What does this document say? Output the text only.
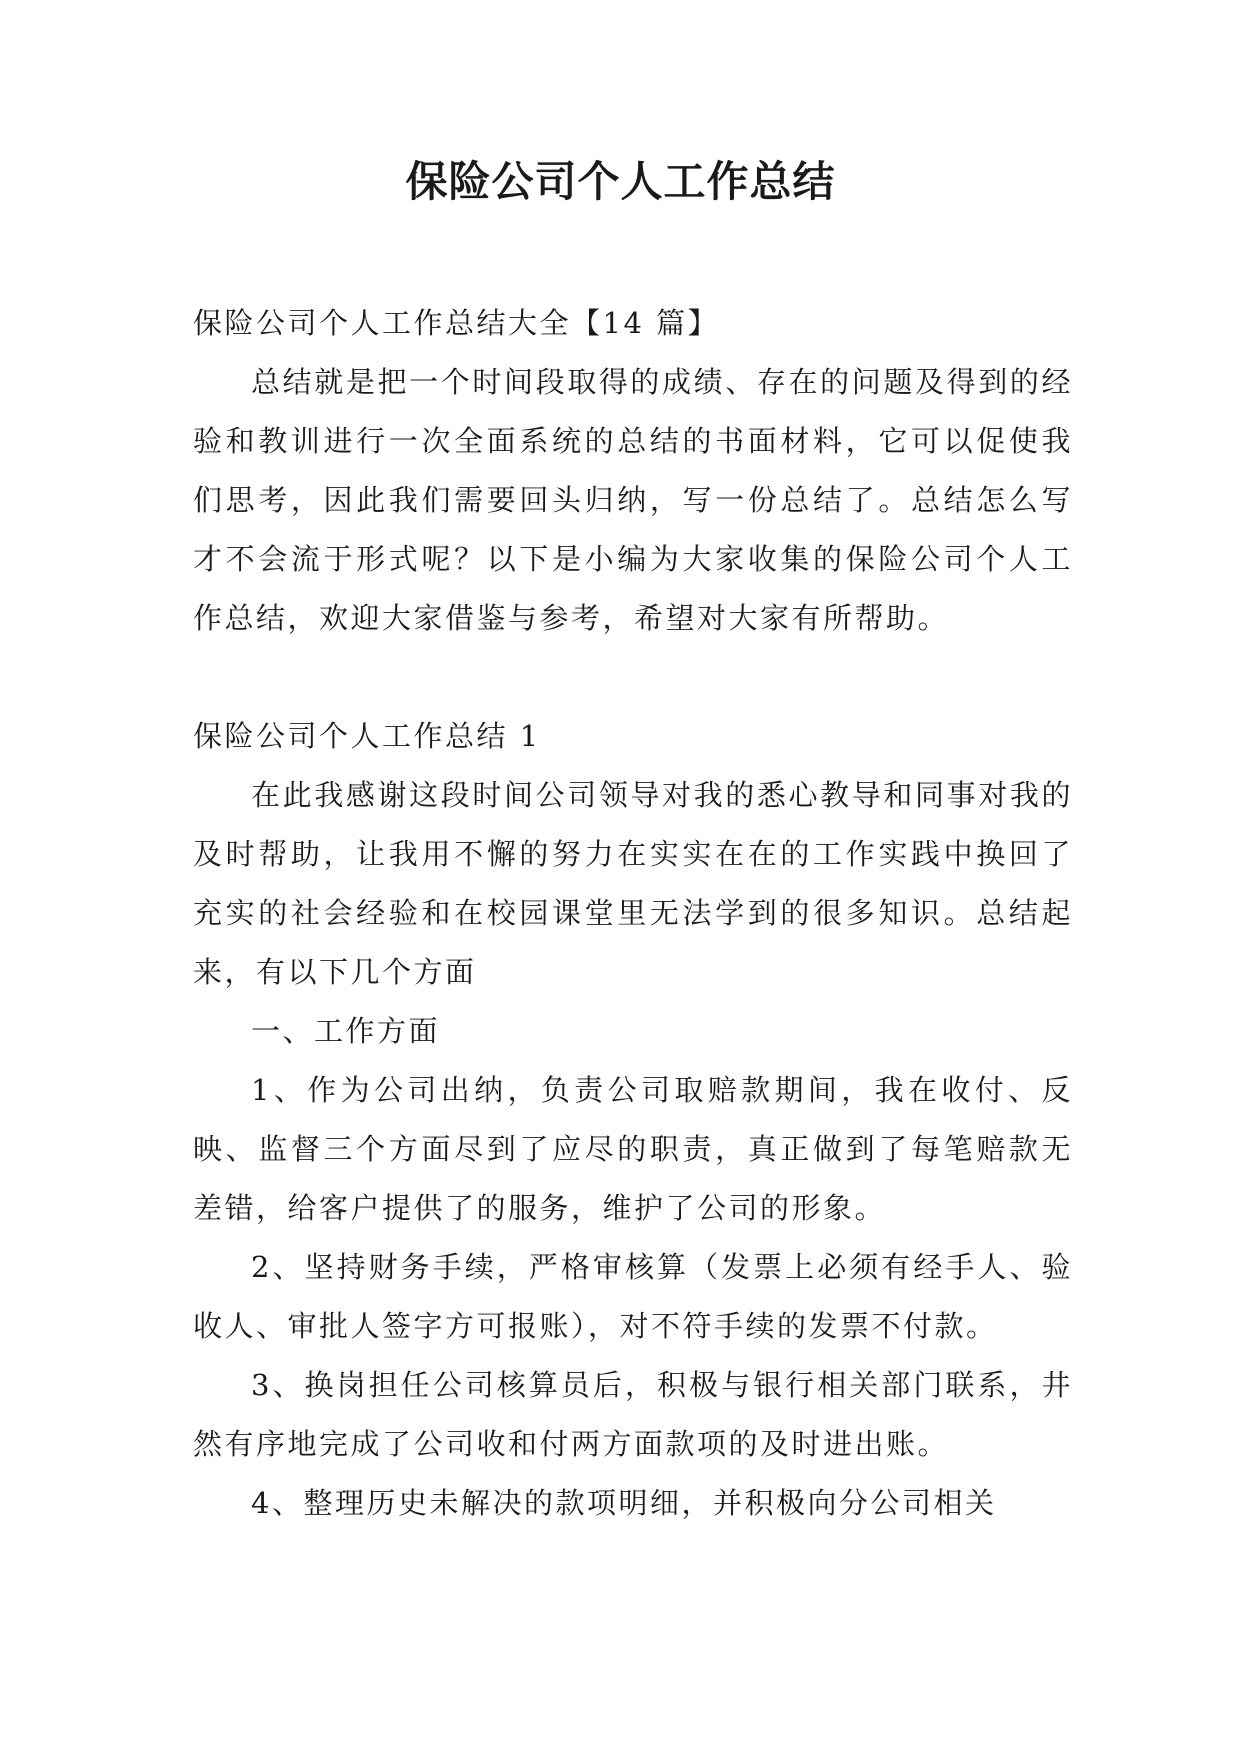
保险公司个人工作总结

保险公司个人工作总结大全【14 篇】

总结就是把一个时间段取得的成绩、存在的问题及得到的经验和教训进行一次全面系统的总结的书面材料，它可以促使我们思考，因此我们需要回头归纳，写一份总结了。总结怎么写才不会流于形式呢？以下是小编为大家收集的保险公司个人工作总结，欢迎大家借鉴与参考，希望对大家有所帮助。

保险公司个人工作总结 1

在此我感谢这段时间公司领导对我的悉心教导和同事对我的及时帮助，让我用不懈的努力在实实在在的工作实践中换回了充实的社会经验和在校园课堂里无法学到的很多知识。总结起来，有以下几个方面

一、工作方面

1、作为公司出纳，负责公司取赔款期间，我在收付、反映、监督三个方面尽到了应尽的职责，真正做到了每笔赔款无差错，给客户提供了的服务，维护了公司的形象。

2、坚持财务手续，严格审核算（发票上必须有经手人、验收人、审批人签字方可报账），对不符手续的发票不付款。

3、换岗担任公司核算员后，积极与银行相关部门联系，井然有序地完成了公司收和付两方面款项的及时进出账。

4、整理历史未解决的款项明细，并积极向分公司相关
